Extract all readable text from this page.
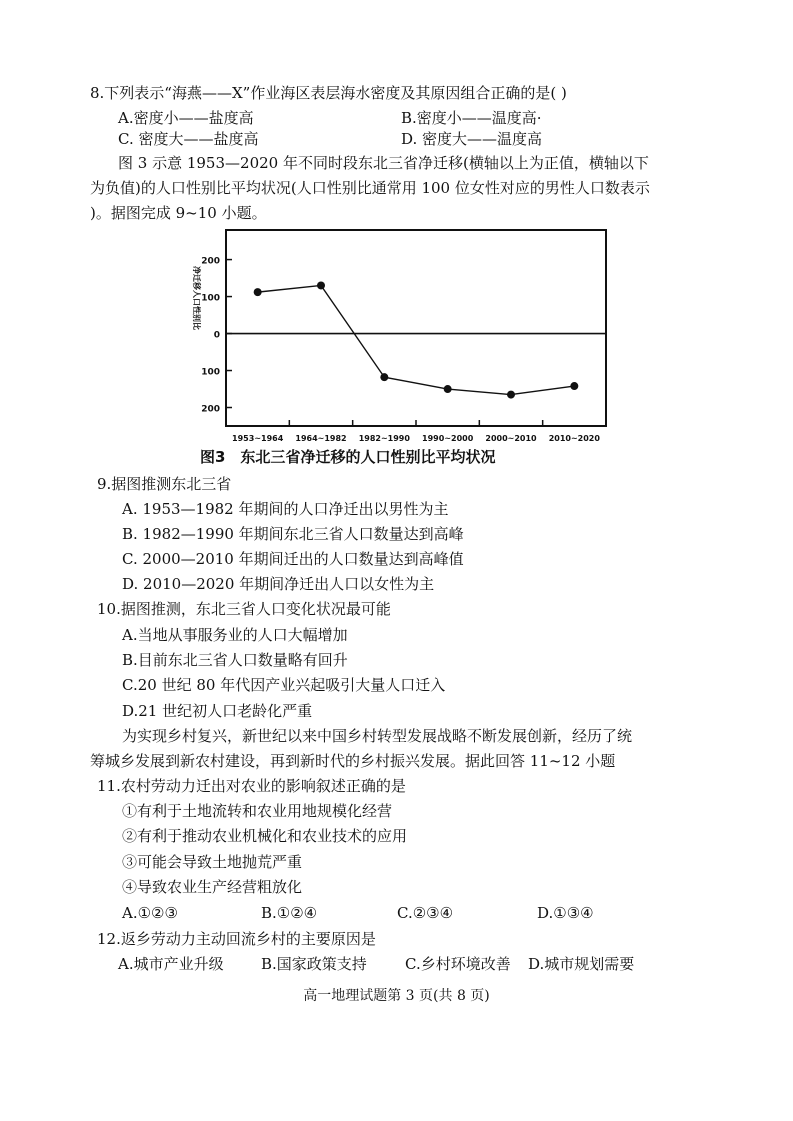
8.下列表示“海燕——X”作业海区表层海水密度及其原因组合正确的是( )
A.密度小——盐度高	B.密度小——温度高·
C. 密度大——盐度高	D. 密度大——温度高
图 3 示意 1953—2020 年不同时段东北三省净迁移(横轴以上为正值，横轴以下
为负值)的人口性别比平均状况(人口性别比通常用 100 位女性对应的男性人口数表示
)。据图完成 9~10 小题。
200
100
0
100
200
1953~1964 1964~1982 1982~1990 1990~2000 2000~2010 2010~2020
净迁移人口性别比
图3　东北三省净迁移的人口性别比平均状况
9.据图推测东北三省
A. 1953—1982 年期间的人口净迁出以男性为主
B. 1982—1990 年期间东北三省人口数量达到高峰
C. 2000—2010 年期间迁出的人口数量达到高峰值
D. 2010—2020 年期间净迁出人口以女性为主
10.据图推测，东北三省人口变化状况最可能
A.当地从事服务业的人口大幅增加
B.目前东北三省人口数量略有回升
C.20 世纪 80 年代因产业兴起吸引大量人口迁入
D.21 世纪初人口老龄化严重
为实现乡村复兴，新世纪以来中国乡村转型发展战略不断发展创新，经历了统
筹城乡发展到新农村建设，再到新时代的乡村振兴发展。据此回答 11~12 小题
11.农村劳动力迁出对农业的影响叙述正确的是
①有利于土地流转和农业用地规模化经营
②有利于推动农业机械化和农业技术的应用
③可能会导致土地抛荒严重
④导致农业生产经营粗放化
A.①②③	B.①②④	C.②③④	D.①③④
12.返乡劳动力主动回流乡村的主要原因是
A.城市产业升级 B.国家政策支持	C.乡村环境改善 D.城市规划需要
高一地理试题第 3 页(共 8 页)
